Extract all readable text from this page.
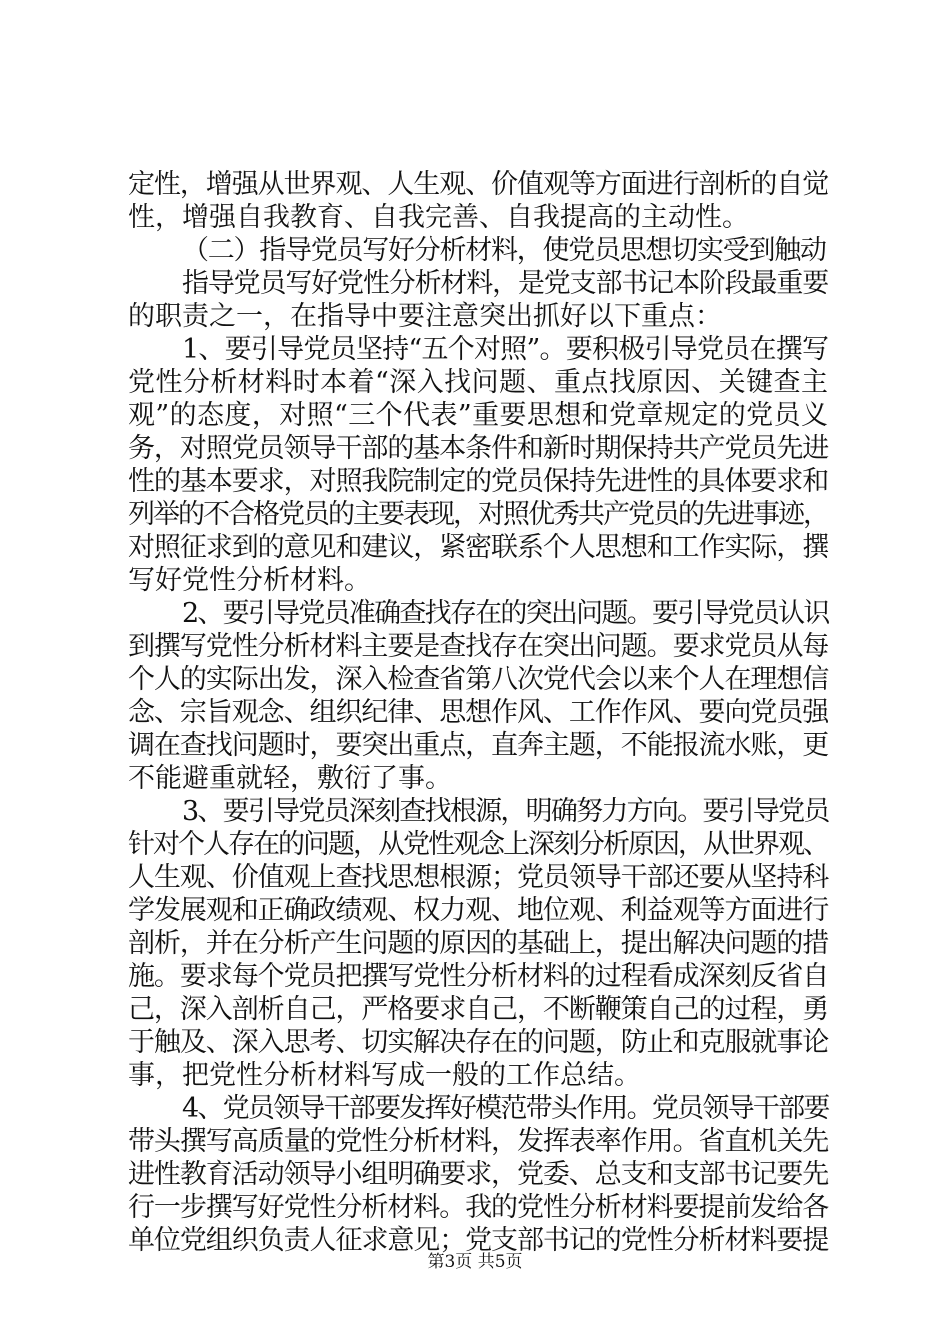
定性，增强从世界观、人生观、价值观等方面进行剖析的自觉
性，增强自我教育、自我完善、自我提高的主动性。
（二）指导党员写好分析材料，使党员思想切实受到触动
指导党员写好党性分析材料，是党支部书记本阶段最重要
的职责之一，在指导中要注意突出抓好以下重点：
1、要引导党员坚持“五个对照”。要积极引导党员在撰写
党性分析材料时本着“深入找问题、重点找原因、关键查主
观”的态度，对照“三个代表”重要思想和党章规定的党员义
务，对照党员领导干部的基本条件和新时期保持共产党员先进
性的基本要求，对照我院制定的党员保持先进性的具体要求和
列举的不合格党员的主要表现，对照优秀共产党员的先进事迹，
对照征求到的意见和建议，紧密联系个人思想和工作实际，撰
写好党性分析材料。
2、要引导党员准确查找存在的突出问题。要引导党员认识
到撰写党性分析材料主要是查找存在突出问题。要求党员从每
个人的实际出发，深入检查省第八次党代会以来个人在理想信
念、宗旨观念、组织纪律、思想作风、工作作风、要向党员强
调在查找问题时，要突出重点，直奔主题，不能报流水账，更
不能避重就轻，敷衍了事。
3、要引导党员深刻查找根源，明确努力方向。要引导党员
针对个人存在的问题，从党性观念上深刻分析原因，从世界观、
人生观、价值观上查找思想根源；党员领导干部还要从坚持科
学发展观和正确政绩观、权力观、地位观、利益观等方面进行
剖析，并在分析产生问题的原因的基础上，提出解决问题的措
施。要求每个党员把撰写党性分析材料的过程看成深刻反省自
己，深入剖析自己，严格要求自己，不断鞭策自己的过程，勇
于触及、深入思考、切实解决存在的问题，防止和克服就事论
事，把党性分析材料写成一般的工作总结。
4、党员领导干部要发挥好模范带头作用。党员领导干部要
带头撰写高质量的党性分析材料，发挥表率作用。省直机关先
进性教育活动领导小组明确要求，党委、总支和支部书记要先
行一步撰写好党性分析材料。我的党性分析材料要提前发给各
单位党组织负责人征求意见；党支部书记的党性分析材料要提
第3页 共5页
